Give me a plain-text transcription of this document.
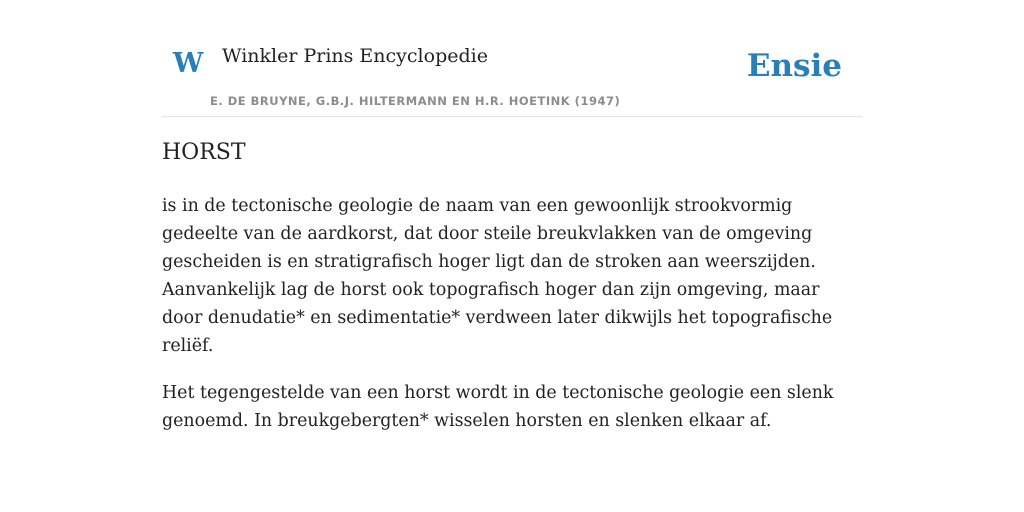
W Winkler Prins Encyclopedie
E. DE BRUYNE, G.B.J. HILTERMANN EN H.R. HOETINK (1947)
Ensie
HORST

is in de tectonische geologie de naam van een gewoonlijk strookvormig gedeelte van de aardkorst, dat door steile breukvlakken van de omgeving gescheiden is en stratigrafisch hoger ligt dan de stroken aan weerszijden. Aanvankelijk lag de horst ook topografisch hoger dan zijn omgeving, maar door denudatie* en sedimentatie* verdween later dikwijls het topografische reliëf.

Het tegengestelde van een horst wordt in de tectonische geologie een slenk genoemd. In breukgebergten* wisselen horsten en slenken elkaar af.
